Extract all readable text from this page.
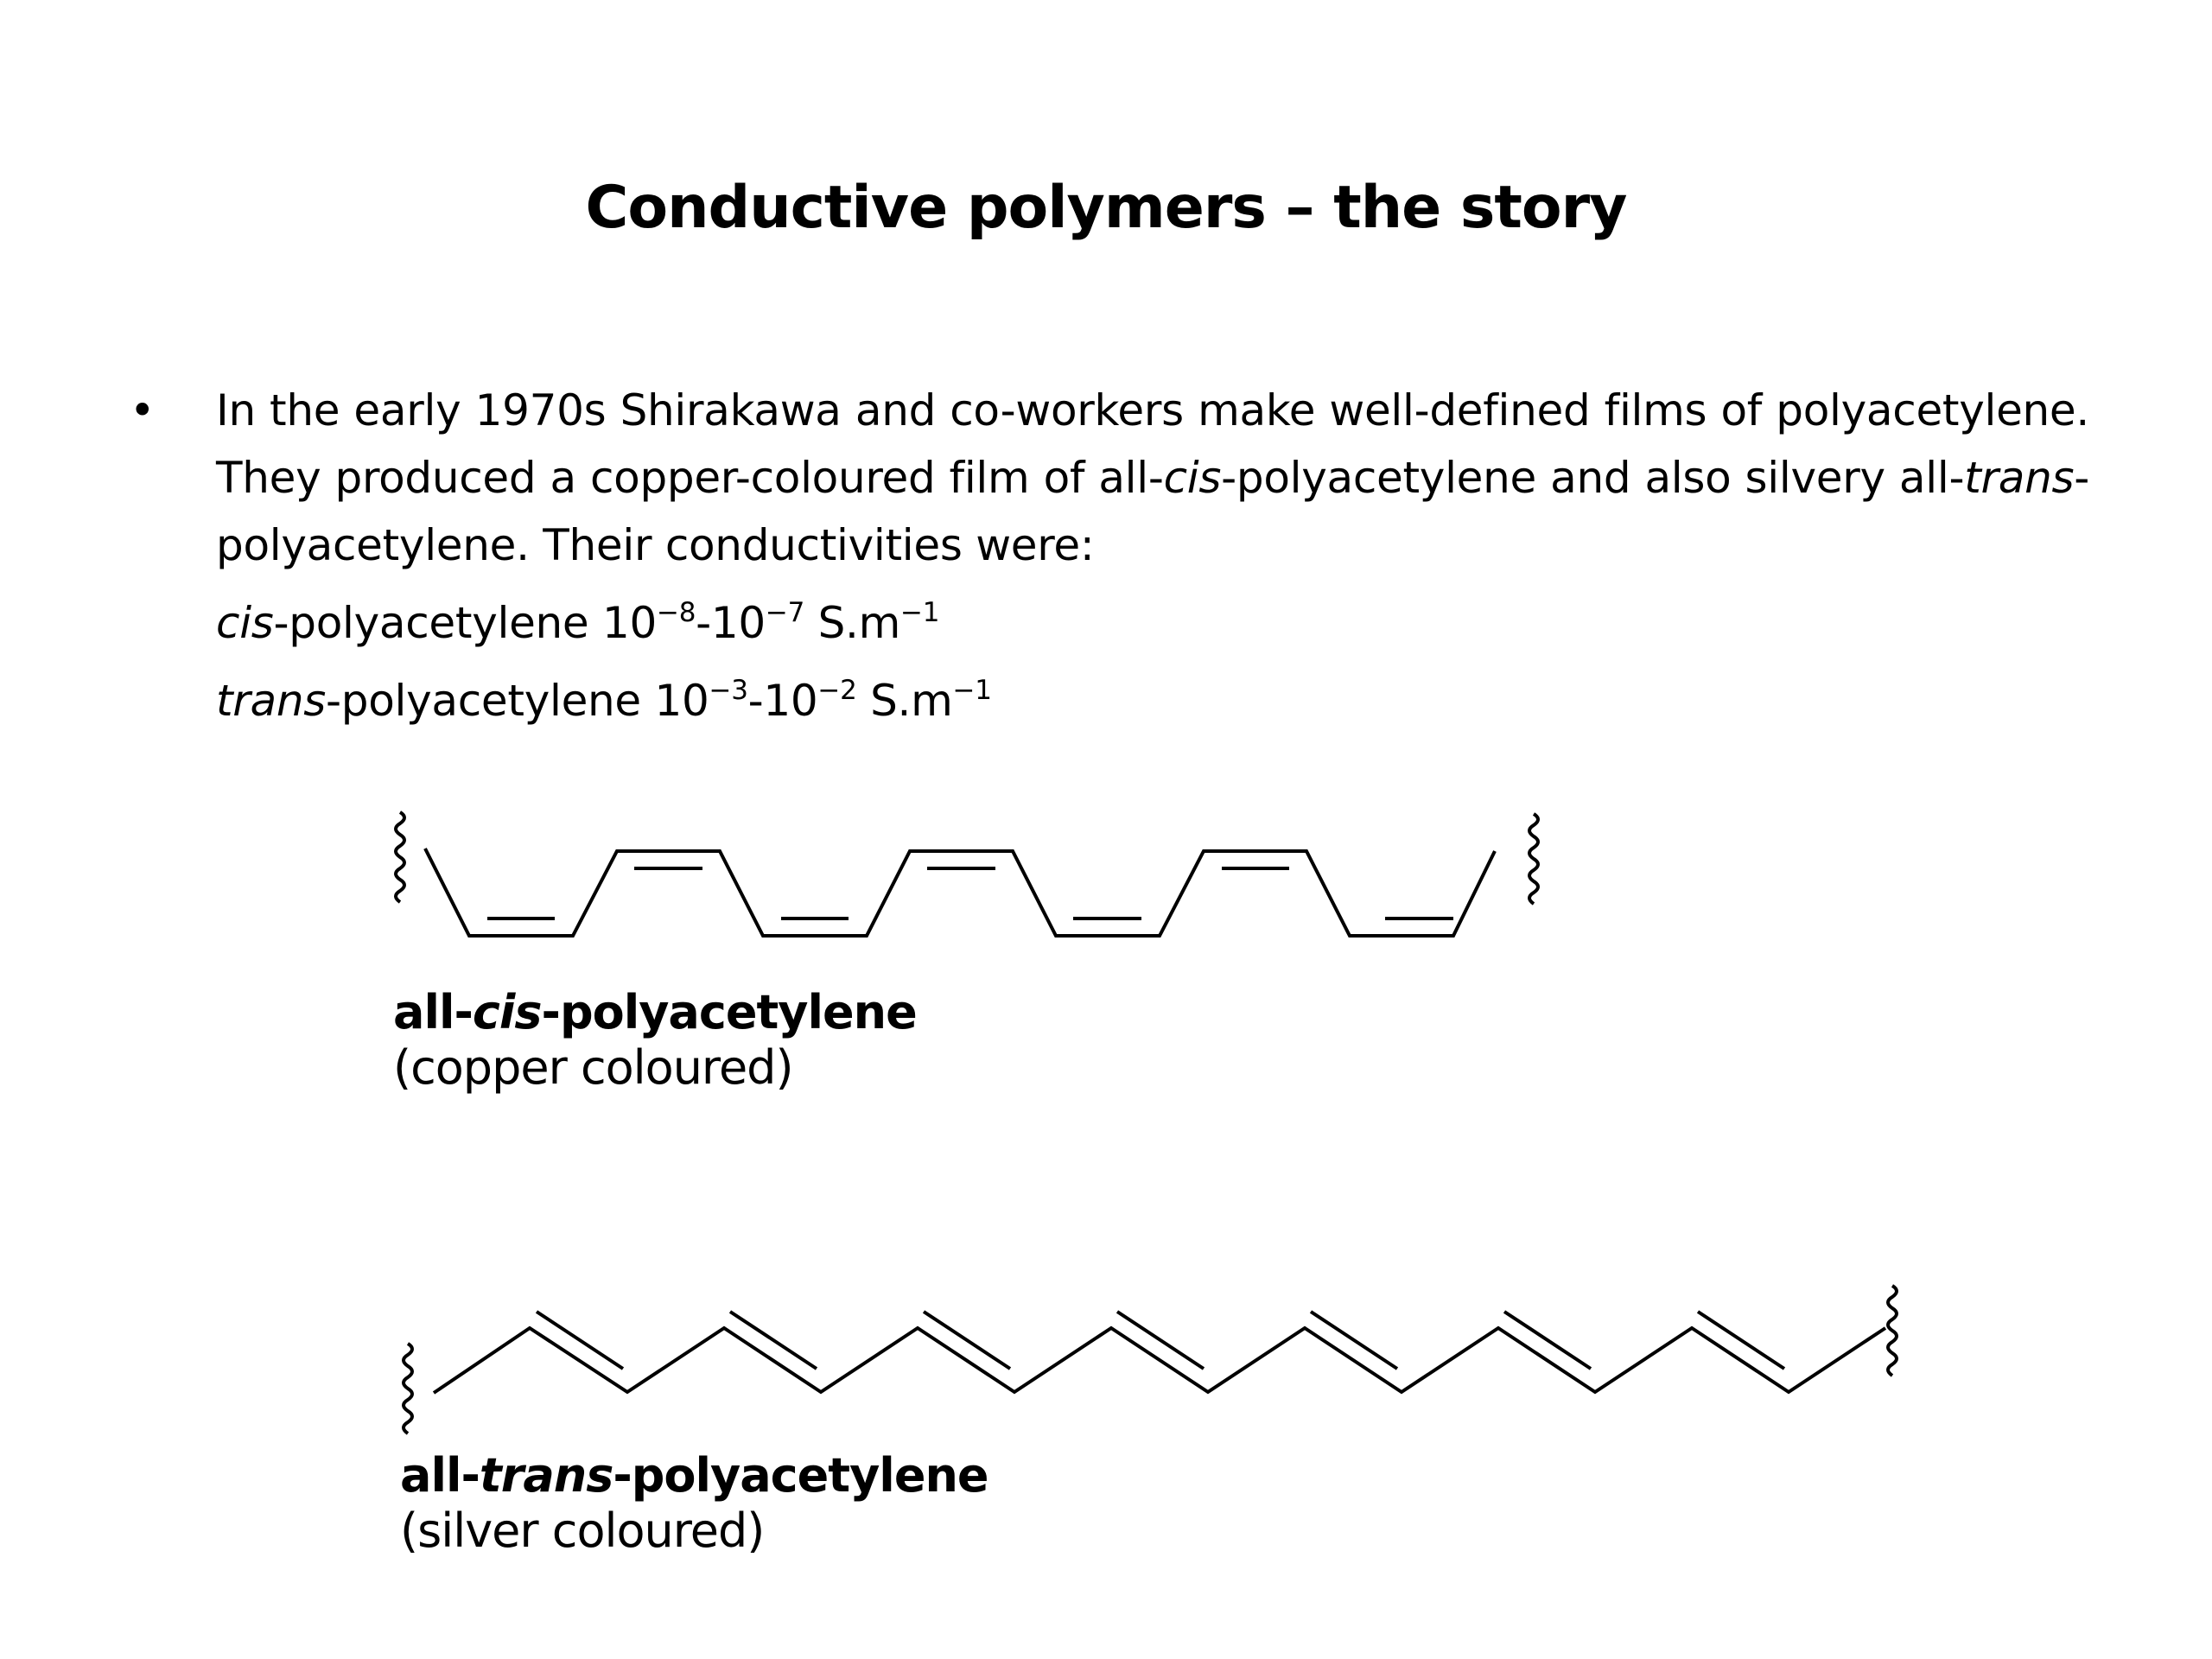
Conductive polymers – the story
• In the early 1970s Shirakawa and co-workers make well-defined films of polyacetylene. They produced a copper-coloured film of all-cis-polyacetylene and also silvery all-trans-polyacetylene. Their conductivities were:

cis-polyacetylene $10^{-8}-10^{-7}$ $S.m^{-1}$
trans-polyacetylene $10^{-3}-10^{-2}$ $S.m^{-1}$
all-cis-polyacetylene
(copper coloured)
all-trans-polyacetylene
(silver coloured)
